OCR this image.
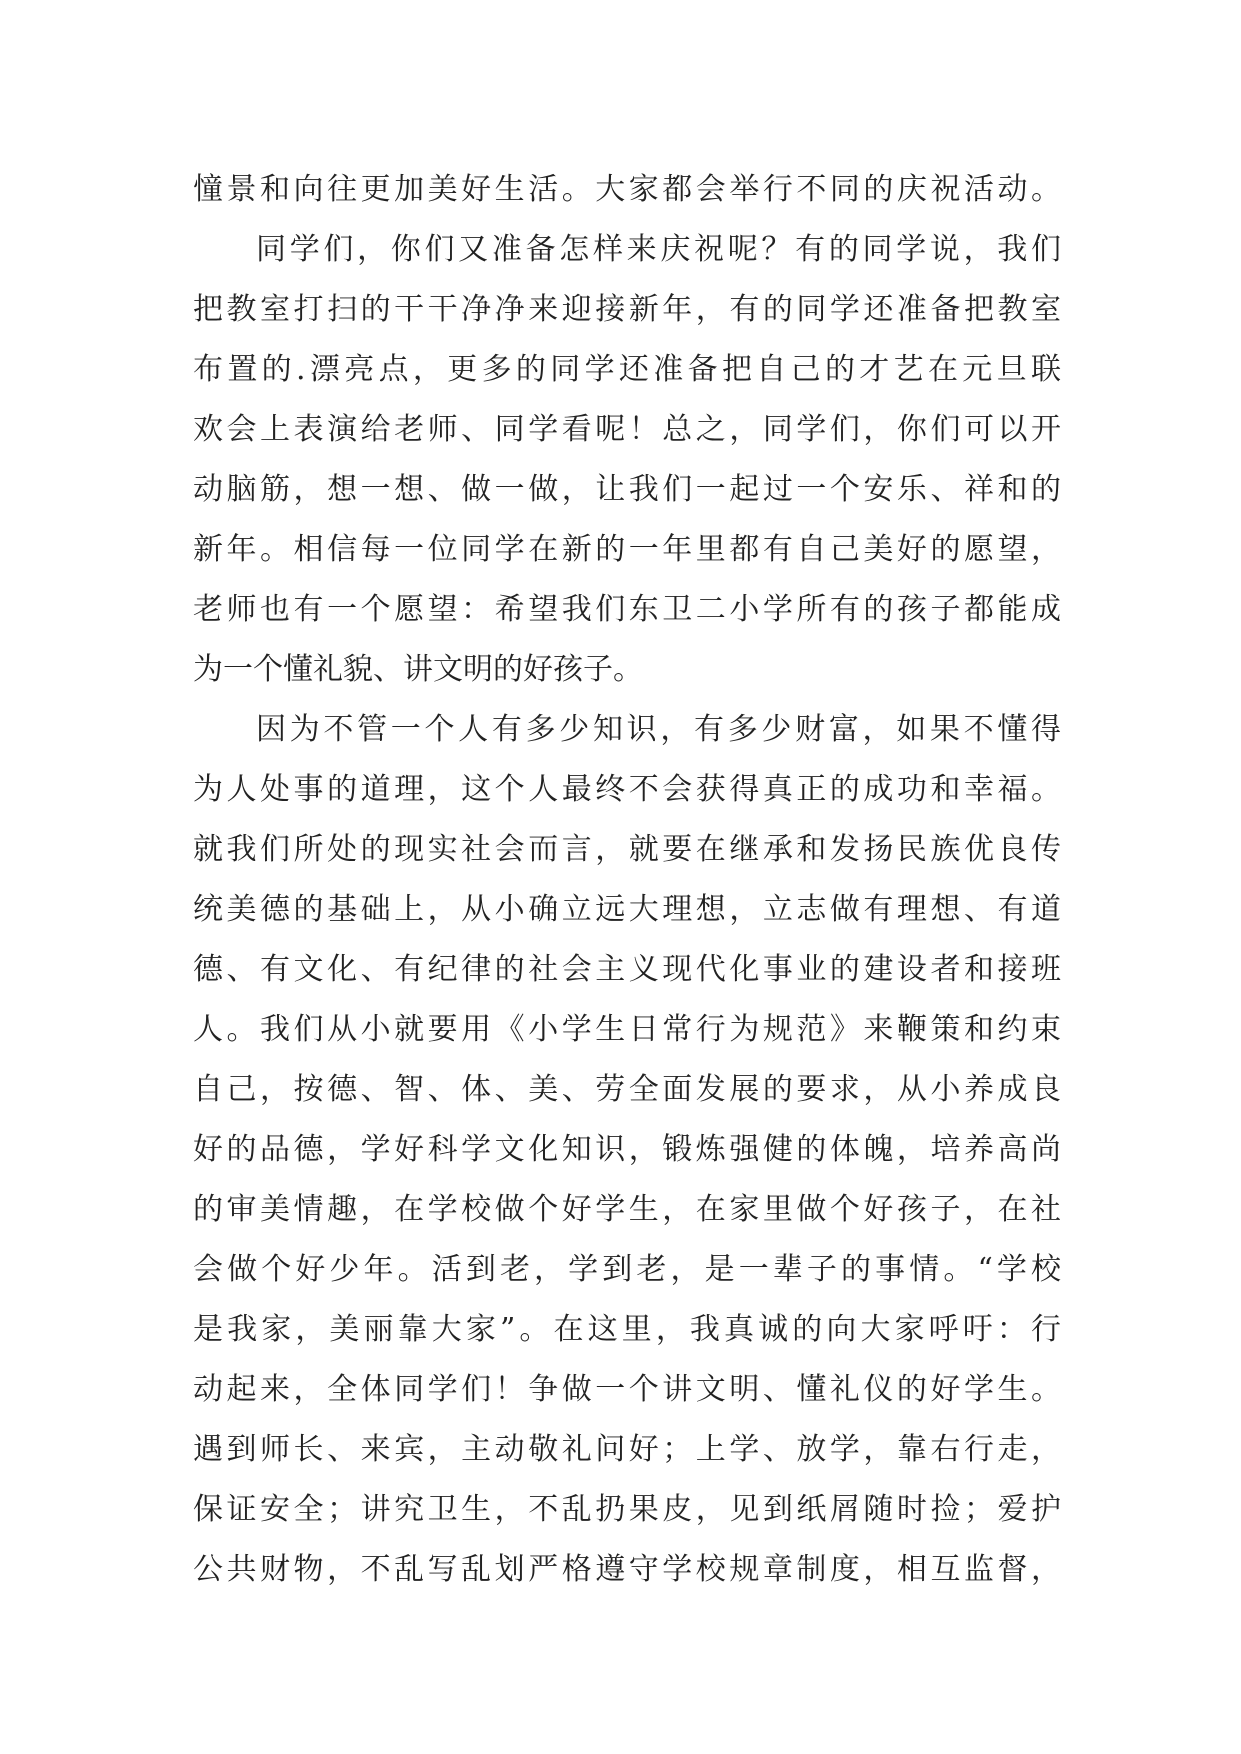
憧景和向往更加美好生活。大家都会举行不同的庆祝活动。
同学们，你们又准备怎样来庆祝呢？有的同学说，我们
把教室打扫的干干净净来迎接新年，有的同学还准备把教室
布置的.漂亮点，更多的同学还准备把自己的才艺在元旦联
欢会上表演给老师、同学看呢！总之，同学们，你们可以开
动脑筋，想一想、做一做，让我们一起过一个安乐、祥和的
新年。相信每一位同学在新的一年里都有自己美好的愿望，
老师也有一个愿望：希望我们东卫二小学所有的孩子都能成
为一个懂礼貌、讲文明的好孩子。
因为不管一个人有多少知识，有多少财富，如果不懂得
为人处事的道理，这个人最终不会获得真正的成功和幸福。
就我们所处的现实社会而言，就要在继承和发扬民族优良传
统美德的基础上，从小确立远大理想，立志做有理想、有道
德、有文化、有纪律的社会主义现代化事业的建设者和接班
人。我们从小就要用《小学生日常行为规范》来鞭策和约束
自己，按德、智、体、美、劳全面发展的要求，从小养成良
好的品德，学好科学文化知识，锻炼强健的体魄，培养高尚
的审美情趣，在学校做个好学生，在家里做个好孩子，在社
会做个好少年。活到老，学到老，是一辈子的事情。“学校
是我家，美丽靠大家”。在这里，我真诚的向大家呼吁：行
动起来，全体同学们！争做一个讲文明、懂礼仪的好学生。
遇到师长、来宾，主动敬礼问好；上学、放学，靠右行走，
保证安全；讲究卫生，不乱扔果皮，见到纸屑随时捡；爱护
公共财物，不乱写乱划严格遵守学校规章制度，相互监督，
